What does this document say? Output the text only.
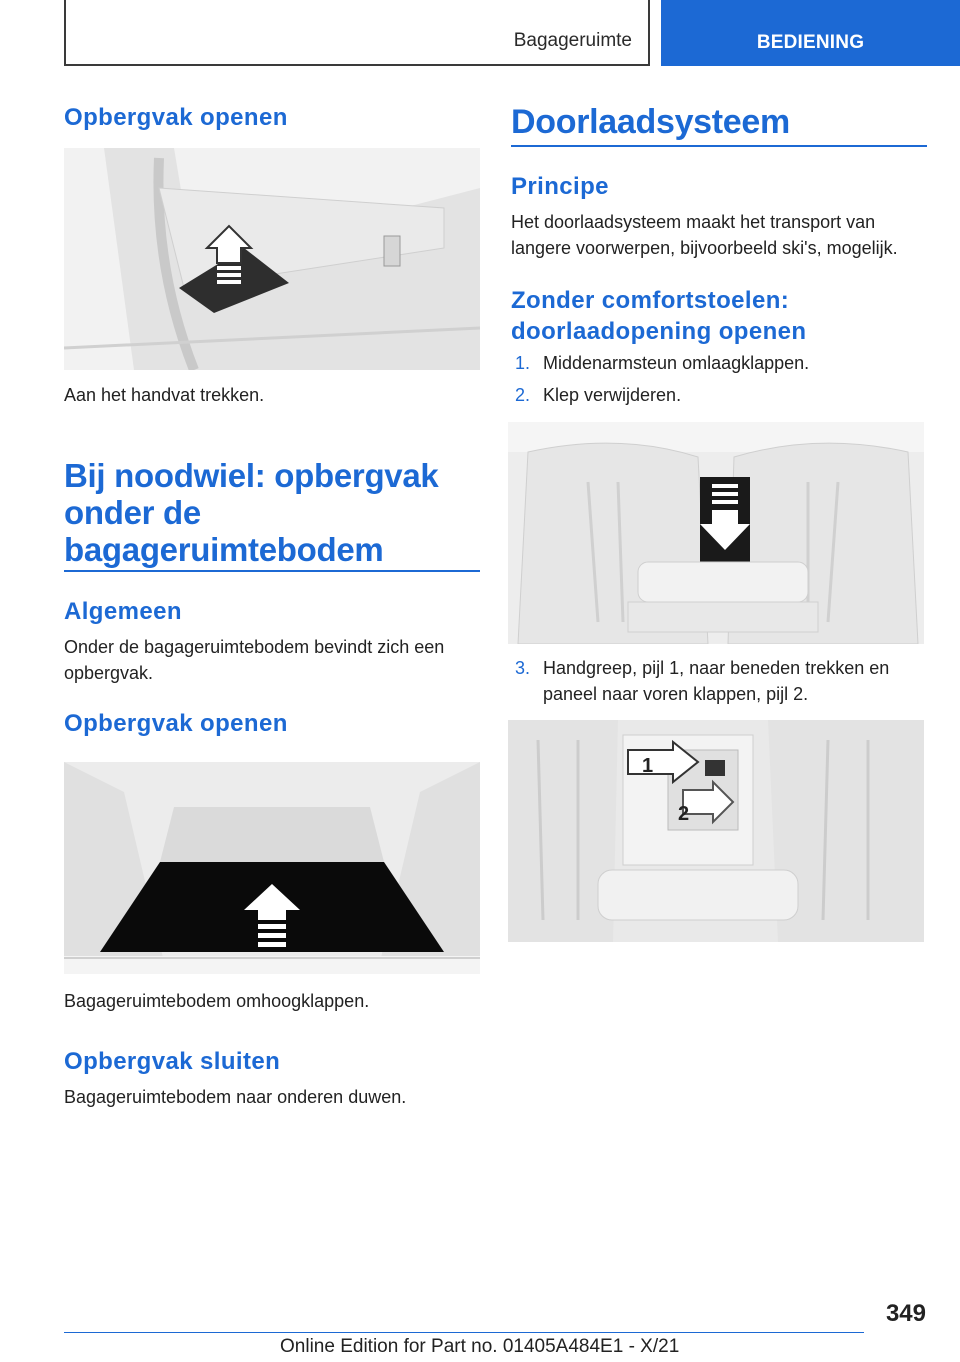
Bagageruimte	BEDIENING
Opbergvak openen
Aan het handvat trekken.
Bij noodwiel: opbergvak onder de bagageruimtebodem
Algemeen
Onder de bagageruimtebodem bevindt zich een opbergvak.
Opbergvak openen
Bagageruimtebodem omhoogklappen.
Opbergvak sluiten
Bagageruimtebodem naar onderen duwen.
Doorlaadsysteem
Principe
Het doorlaadsysteem maakt het transport van langere voorwerpen, bijvoorbeeld ski's, mogelijk.
Zonder comfortstoelen: doorlaadopening openen
1. Middenarmsteun omlaagklappen.
2. Klep verwijderen.
3. Handgreep, pijl 1, naar beneden trekken en paneel naar voren klappen, pijl 2.
2
1
349
Online Edition for Part no. 01405A484E1 - X/21
